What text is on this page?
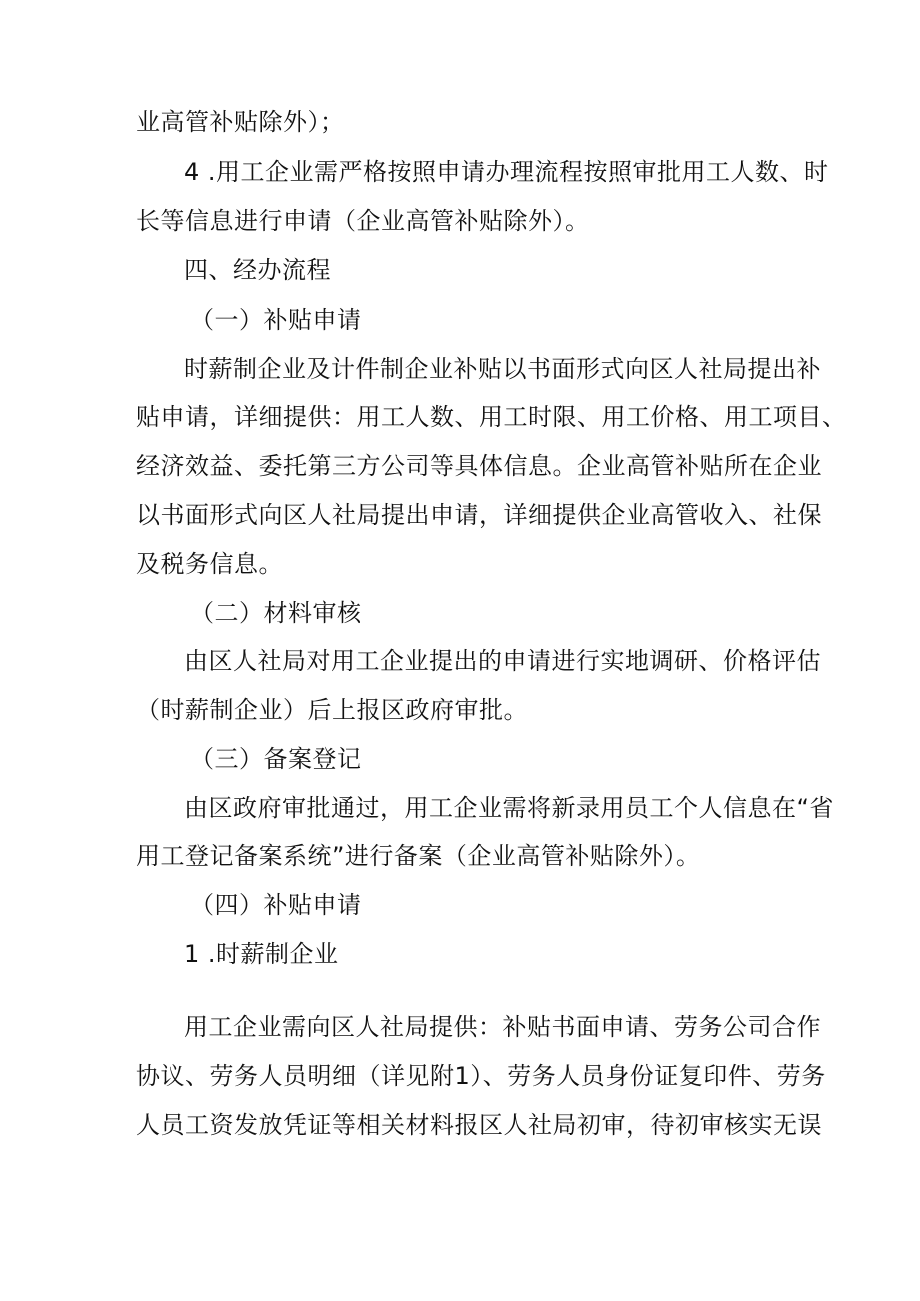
业高管补贴除外）；
4 .用工企业需严格按照申请办理流程按照审批用工人数、时
长等信息进行申请（企业高管补贴除外）。
四、经办流程
（一）补贴申请
时薪制企业及计件制企业补贴以书面形式向区人社局提出补
贴申请，详细提供：用工人数、用工时限、用工价格、用工项目、
经济效益、委托第三方公司等具体信息。企业高管补贴所在企业
以书面形式向区人社局提出申请，详细提供企业高管收入、社保
及税务信息。
（二）材料审核
由区人社局对用工企业提出的申请进行实地调研、价格评估
（时薪制企业）后上报区政府审批。
（三）备案登记
由区政府审批通过，用工企业需将新录用员工个人信息在“省
用工登记备案系统”进行备案（企业高管补贴除外）。
（四）补贴申请
1 .时薪制企业
用工企业需向区人社局提供：补贴书面申请、劳务公司合作
协议、劳务人员明细（详见附1）、劳务人员身份证复印件、劳务
人员工资发放凭证等相关材料报区人社局初审，待初审核实无误
